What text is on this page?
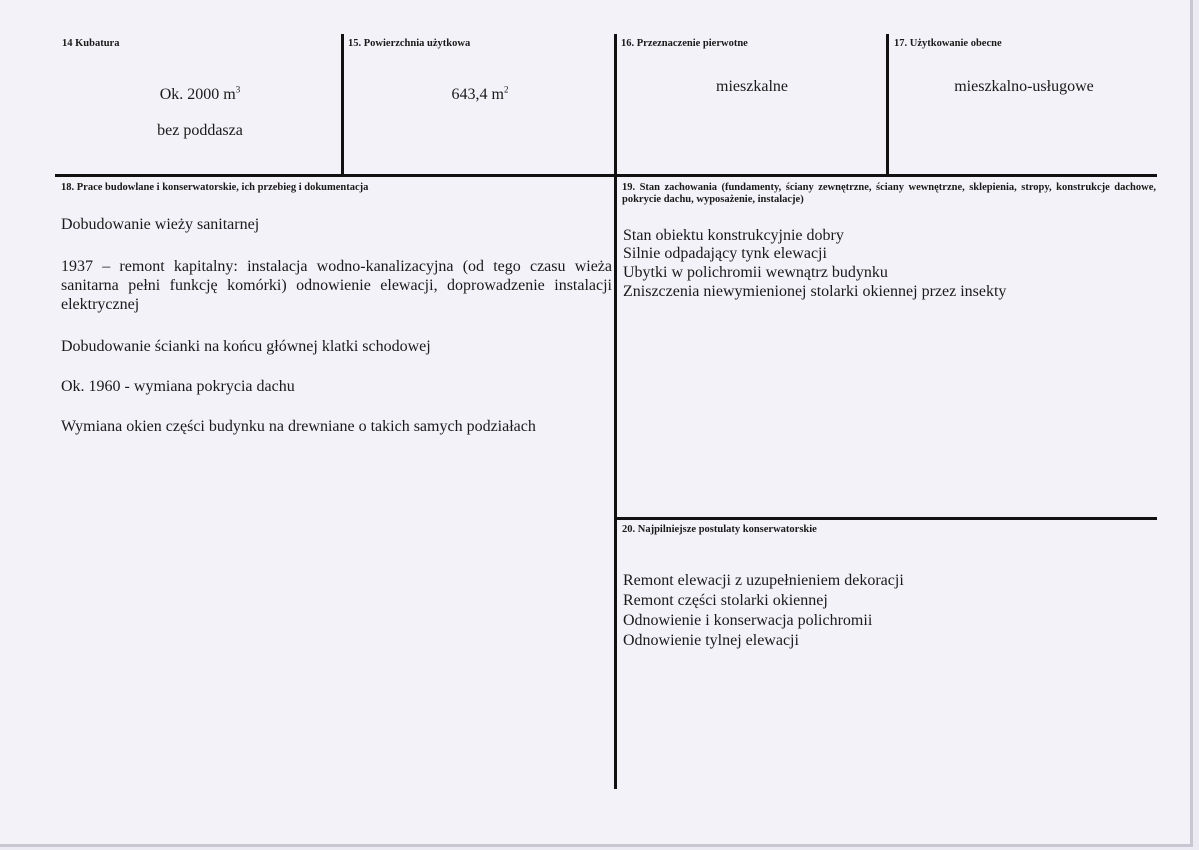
14 Kubatura
Ok. 2000 $m^3$
bez poddasza
15. Powierzchnia użytkowa
643,4 $m^2$
16. Przeznaczenie pierwotne
mieszkalne
17. Użytkowanie obecne
mieszkalno-usługowe
18. Prace budowlane i konserwatorskie, ich przebieg i dokumentacja
Dobudowanie wieży sanitarnej
1937 – remont kapitalny: instalacja wodno-kanalizacyjna (od tego czasu wieża sanitarna pełni funkcję komórki) odnowienie elewacji, doprowadzenie instalacji elektrycznej
Dobudowanie ścianki na końcu głównej klatki schodowej
Ok. 1960 - wymiana pokrycia dachu
Wymiana okien części budynku na drewniane o takich samych podziałach
19. Stan zachowania (fundamenty, ściany zewnętrzne, ściany wewnętrzne, sklepienia, stropy, konstrukcje dachowe, pokrycie dachu, wyposażenie, instalacje)
Stan obiektu konstrukcyjnie dobry
Silnie odpadający tynk elewacji
Ubytki w polichromii wewnątrz budynku
Zniszczenia niewymienionej stolarki okiennej przez insekty
20. Najpilniejsze postulaty konserwatorskie
Remont elewacji z uzupełnieniem dekoracji
Remont części stolarki okiennej
Odnowienie i konserwacja polichromii
Odnowienie tylnej elewacji
